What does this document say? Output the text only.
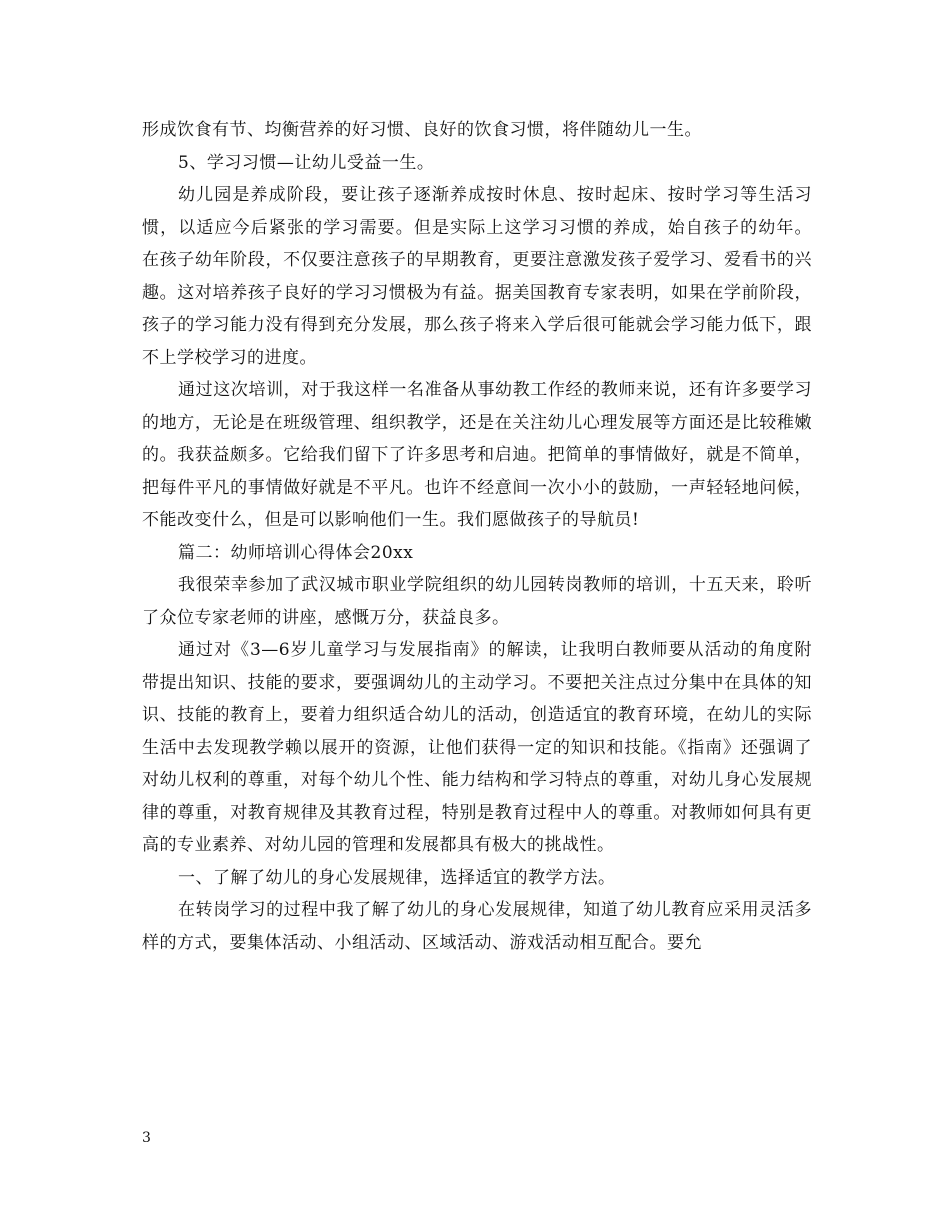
形成饮食有节、均衡营养的好习惯、良好的饮食习惯，将伴随幼儿一生。

5、学习习惯—让幼儿受益一生。

幼儿园是养成阶段，要让孩子逐渐养成按时休息、按时起床、按时学习等生活习惯，以适应今后紧张的学习需要。但是实际上这学习习惯的养成，始自孩子的幼年。 在孩子幼年阶段，不仅要注意孩子的早期教育，更要注意激发孩子爱学习、爱看书的兴趣。这对培养孩子良好的学习习惯极为有益。据美国教育专家表明，如果在学前阶段，孩子的学习能力没有得到充分发展，那么孩子将来入学后很可能就会学习能力低下，跟不上学校学习的进度。

通过这次培训，对于我这样一名准备从事幼教工作经的教师来说，还有许多要学习的地方，无论是在班级管理、组织教学，还是在关注幼儿心理发展等方面还是比较稚嫩的。我获益颇多。它给我们留下了许多思考和启迪。把简单的事情做好，就是不简单，把每件平凡的事情做好就是不平凡。也许不经意间一次小小的鼓励，一声轻轻地问候，不能改变什么，但是可以影响他们一生。我们愿做孩子的导航员!

篇二：幼师培训心得体会20xx

我很荣幸参加了武汉城市职业学院组织的幼儿园转岗教师的培训，十五天来，聆听了众位专家老师的讲座，感慨万分，获益良多。

通过对《3—6岁儿童学习与发展指南》的解读，让我明白教师要从活动的角度附带提出知识、技能的要求，要强调幼儿的主动学习。不要把关注点过分集中在具体的知识、技能的教育上，要着力组织适合幼儿的活动，创造适宜的教育环境，在幼儿的实际生活中去发现教学赖以展开的资源，让他们获得一定的知识和技能。《指南》还强调了对幼儿权利的尊重，对每个幼儿个性、能力结构和学习特点的尊重，对幼儿身心发展规律的尊重，对教育规律及其教育过程，特别是教育过程中人的尊重。对教师如何具有更高的专业素养、对幼儿园的管理和发展都具有极大的挑战性。

一、了解了幼儿的身心发展规律，选择适宜的教学方法。

在转岗学习的过程中我了解了幼儿的身心发展规律，知道了幼儿教育应采用灵活多样的方式，要集体活动、小组活动、区域活动、游戏活动相互配合。要允

3
